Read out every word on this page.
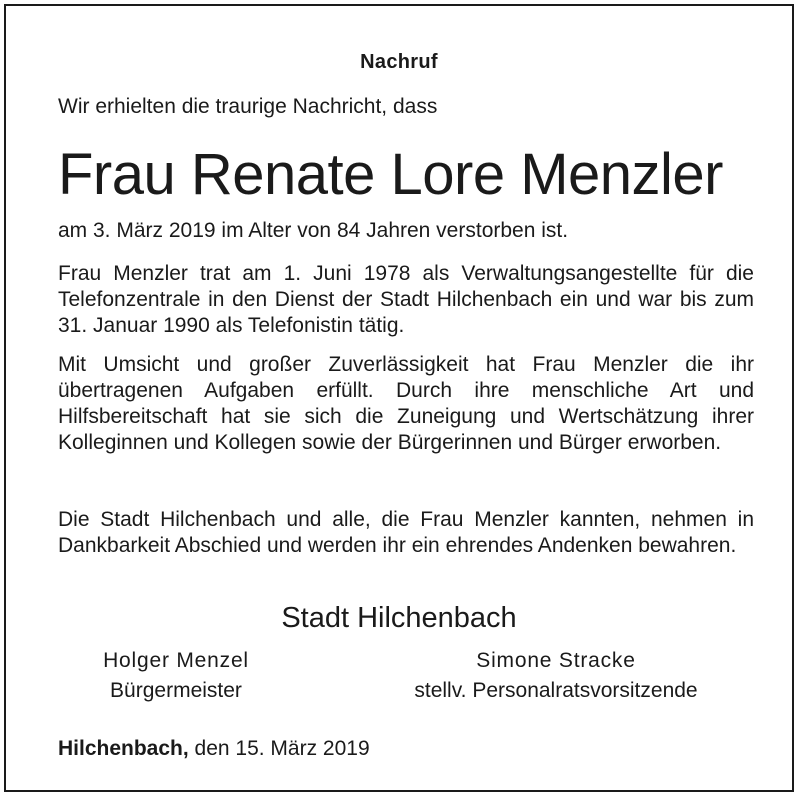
Nachruf
Wir erhielten die traurige Nachricht, dass
Frau Renate Lore Menzler
am 3. März 2019 im Alter von 84 Jahren verstorben ist.
Frau Menzler trat am 1. Juni 1978 als Verwaltungsangestellte für die Telefonzentrale in den Dienst der Stadt Hilchenbach ein und war bis zum 31. Januar 1990 als Telefonistin tätig.
Mit Umsicht und großer Zuverlässigkeit hat Frau Menzler die ihr übertragenen Aufgaben erfüllt. Durch ihre menschliche Art und Hilfsbereitschaft hat sie sich die Zuneigung und Wertschätzung ihrer Kolleginnen und Kollegen sowie der Bürgerinnen und Bürger erworben.
Die Stadt Hilchenbach und alle, die Frau Menzler kannten, nehmen in Dankbarkeit Abschied und werden ihr ein ehrendes Andenken bewahren.
Stadt Hilchenbach
Holger Menzel
Bürgermeister
Simone Stracke
stellv. Personalratsvorsitzende
Hilchenbach, den 15. März 2019
